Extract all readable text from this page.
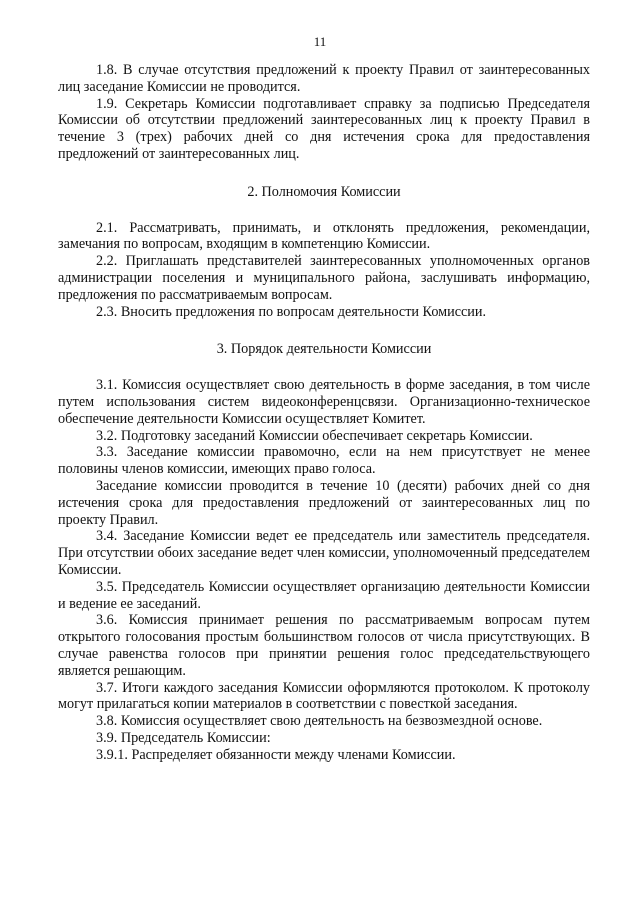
11

1.8. В случае отсутствия предложений к проекту Правил от заинтересованных лиц заседание Комиссии не проводится.

1.9. Секретарь Комиссии подготавливает справку за подписью Председателя Комиссии об отсутствии предложений заинтересованных лиц к проекту Правил в течение 3 (трех) рабочих дней со дня истечения срока для предоставления предложений от заинтересованных лиц.

2. Полномочия Комиссии

2.1. Рассматривать, принимать, и отклонять предложения, рекомендации, замечания по вопросам, входящим в компетенцию Комиссии.

2.2. Приглашать представителей заинтересованных уполномоченных органов администрации поселения и муниципального района, заслушивать информацию, предложения по рассматриваемым вопросам.

2.3. Вносить предложения по вопросам деятельности Комиссии.

3. Порядок деятельности Комиссии

3.1. Комиссия осуществляет свою деятельность в форме заседания, в том числе путем использования систем видеоконференцсвязи. Организационно-техническое обеспечение деятельности Комиссии осуществляет Комитет.

3.2. Подготовку заседаний Комиссии обеспечивает секретарь Комиссии.

3.3. Заседание комиссии правомочно, если на нем присутствует не менее половины членов комиссии, имеющих право голоса.

Заседание комиссии проводится в течение 10 (десяти) рабочих дней со дня истечения срока для предоставления предложений от заинтересованных лиц по проекту Правил.

3.4. Заседание Комиссии ведет ее председатель или заместитель председателя. При отсутствии обоих заседание ведет член комиссии, уполномоченный председателем Комиссии.

3.5. Председатель Комиссии осуществляет организацию деятельности Комиссии и ведение ее заседаний.

3.6. Комиссия принимает решения по рассматриваемым вопросам путем открытого голосования простым большинством голосов от числа присутствующих. В случае равенства голосов при принятии решения голос председательствующего является решающим.

3.7. Итоги каждого заседания Комиссии оформляются протоколом. К протоколу могут прилагаться копии материалов в соответствии с повесткой заседания.

3.8. Комиссия осуществляет свою деятельность на безвозмездной основе.

3.9. Председатель Комиссии:

3.9.1. Распределяет обязанности между членами Комиссии.
